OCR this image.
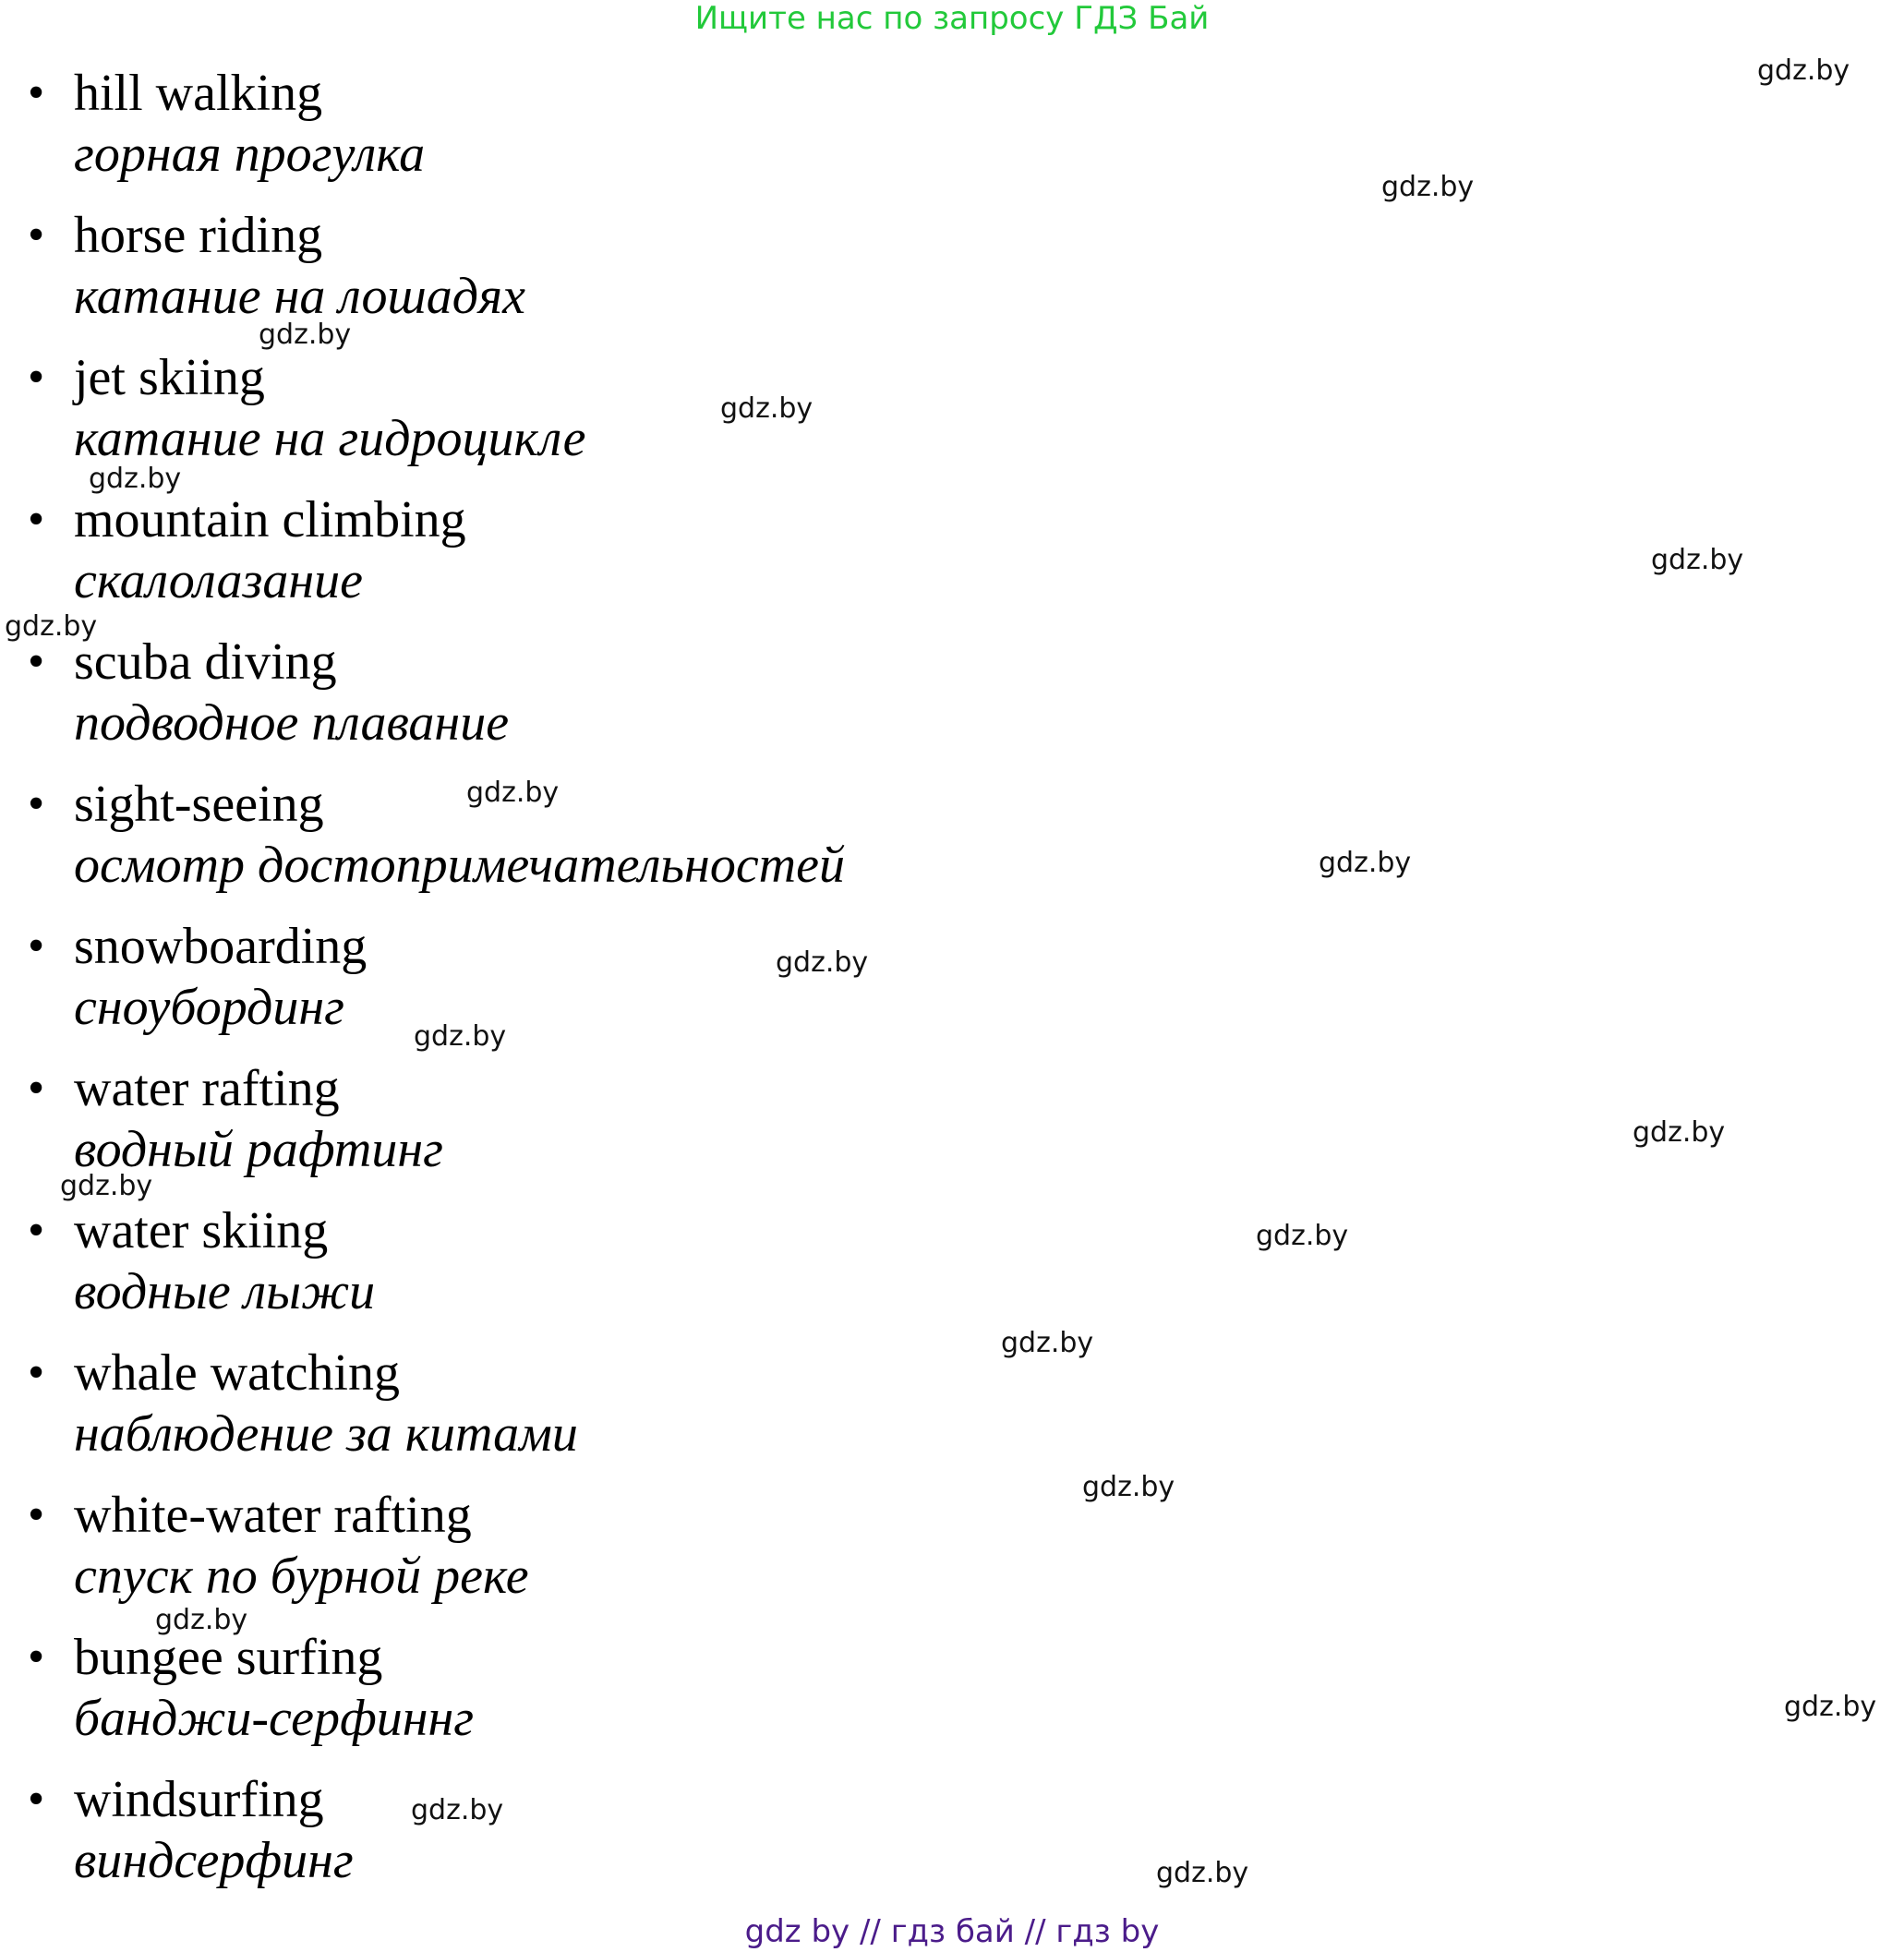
Ищите нас по запросу ГДЗ Бай
• hill walking
горная прогулка
• horse riding
катание на лошадях
• jet skiing
катание на гидроцикле
• mountain climbing
скалолазание
• scuba diving
подводное плавание
• sight-seeing
осмотр достопримечательностей
• snowboarding
сноубординг
• water rafting
водный рафтинг
• water skiing
водные лыжи
• whale watching
наблюдение за китами
• white-water rafting
спуск по бурной реке
• bungee surfing
банджи-серфиннг
• windsurfing
виндсерфинг
gdz.by
gdz.by
gdz.by
gdz.by
gdz.by
gdz.by
gdz.by
gdz.by
gdz.by
gdz.by
gdz.by
gdz.by
gdz.by
gdz.by
gdz.by
gdz.by
gdz.by
gdz.by
gdz.by
gdz.by
gdz by // гдз бай // гдз by
